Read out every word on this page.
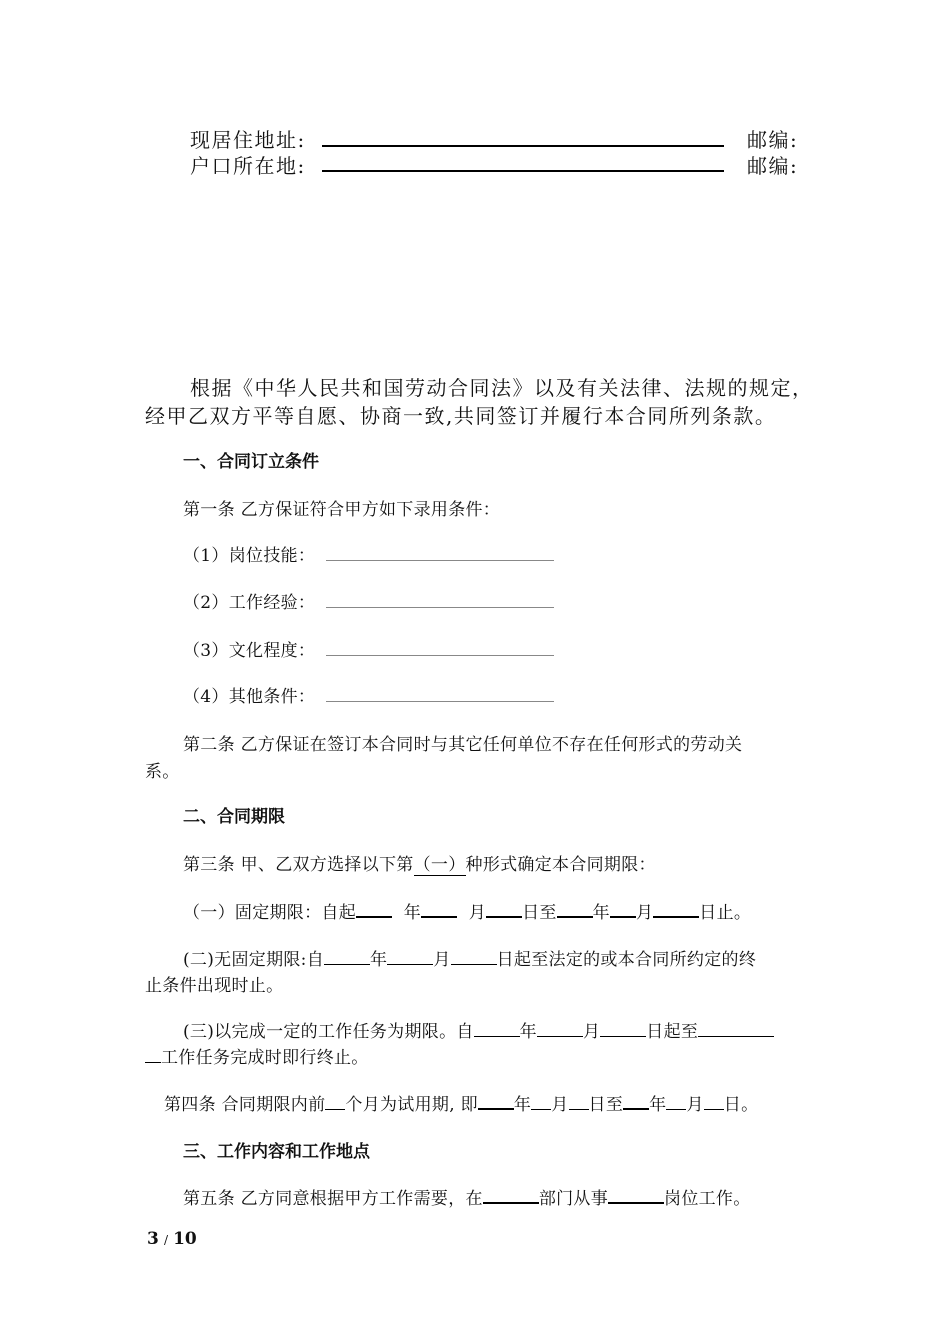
现居住地址:	邮编:
户口所在地:	邮编:
根据《中华人民共和国劳动合同法》以及有关法律、法规的规定，
经甲乙双方平等自愿、协商一致,共同签订并履行本合同所列条款。
一、合同订立条件
第一条 乙方保证符合甲方如下录用条件：
（1）岗位技能：
（2）工作经验：
（3）文化程度：
（4）其他条件：
第二条 乙方保证在签订本合同时与其它任何单位不存在任何形式的劳动关
系。
二、合同期限
第三条 甲、乙双方选择以下第（一）种形式确定本合同期限：
（一）固定期限：自起	年	月 日至 年 月	日止。
(二)无固定期限:自	年	月	日起至法定的或本合同所约定的终
止条件出现时止。
(三)以完成一定的工作任务为期限。自	年	月	日起至
工作任务完成时即行终止。
第四条 合同期限内前 个月为试用期, 即 年 月 日至 年 月 日。
三、工作内容和工作地点
第五条 乙方同意根据甲方工作需要，在	部门从事	岗位工作。
3 / 10
